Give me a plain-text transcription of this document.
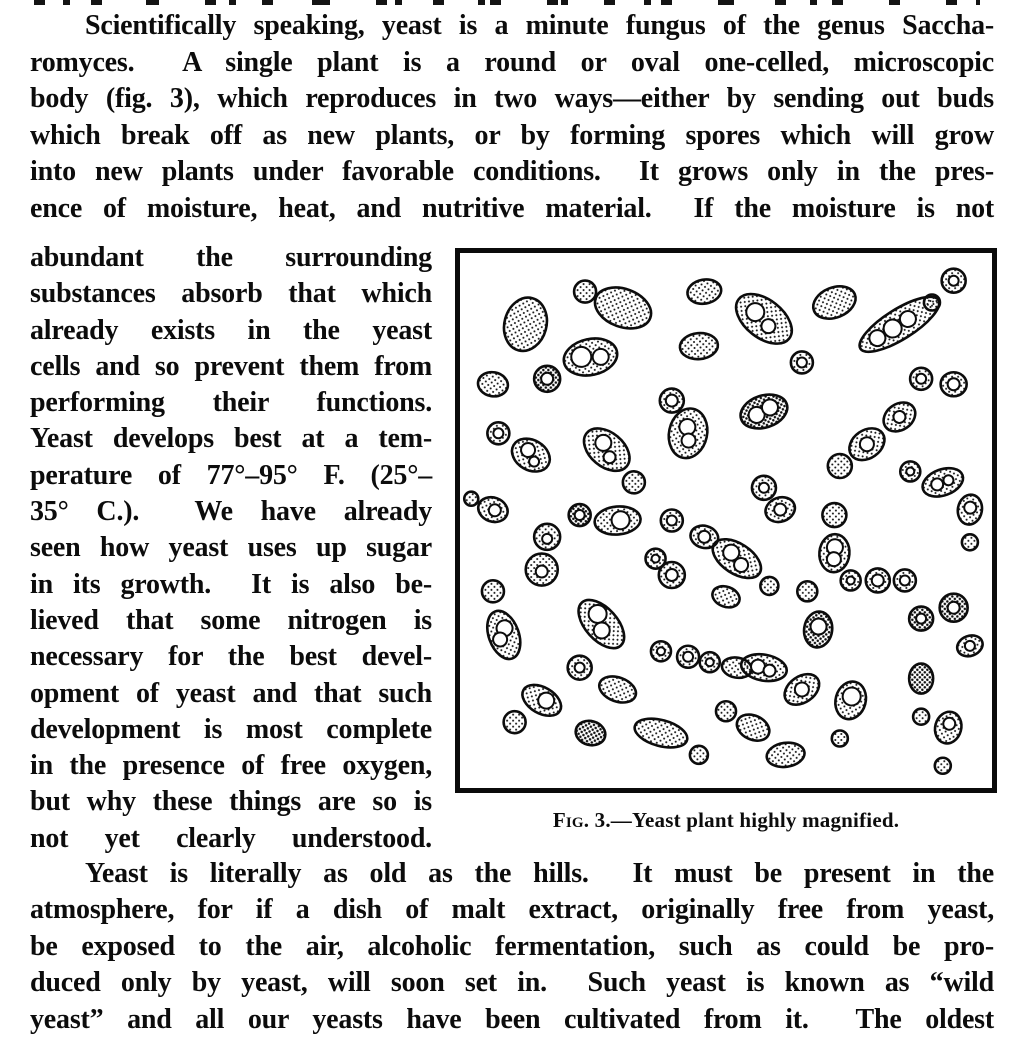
Scientifically speaking, yeast is a minute fungus of the genus Saccha-
romyces.  A single plant is a round or oval one-celled, microscopic
body (fig. 3), which reproduces in two ways—either by sending out buds
which break off as new plants, or by forming spores which will grow
into new plants under favorable conditions.  It grows only in the pres-
ence of moisture, heat, and nutritive material.  If the moisture is not
abundant the surrounding
substances absorb that which
already exists in the yeast
cells and so prevent them from
performing their functions.
Yeast develops best at a tem-
perature of 77°–95° F. (25°–
35° C.).  We have already
seen how yeast uses up sugar
in its growth.  It is also be-
lieved that some nitrogen is
necessary for the best devel-
opment of yeast and that such
development is most complete
in the presence of free oxygen,
but why these things are so is
not yet clearly understood.
Fig. 3.—Yeast plant highly magnified.
Yeast is literally as old as the hills.  It must be present in the
atmosphere, for if a dish of malt extract, originally free from yeast,
be exposed to the air, alcoholic fermentation, such as could be pro-
duced only by yeast, will soon set in.  Such yeast is known as “wild
yeast” and all our yeasts have been cultivated from it.  The oldest
